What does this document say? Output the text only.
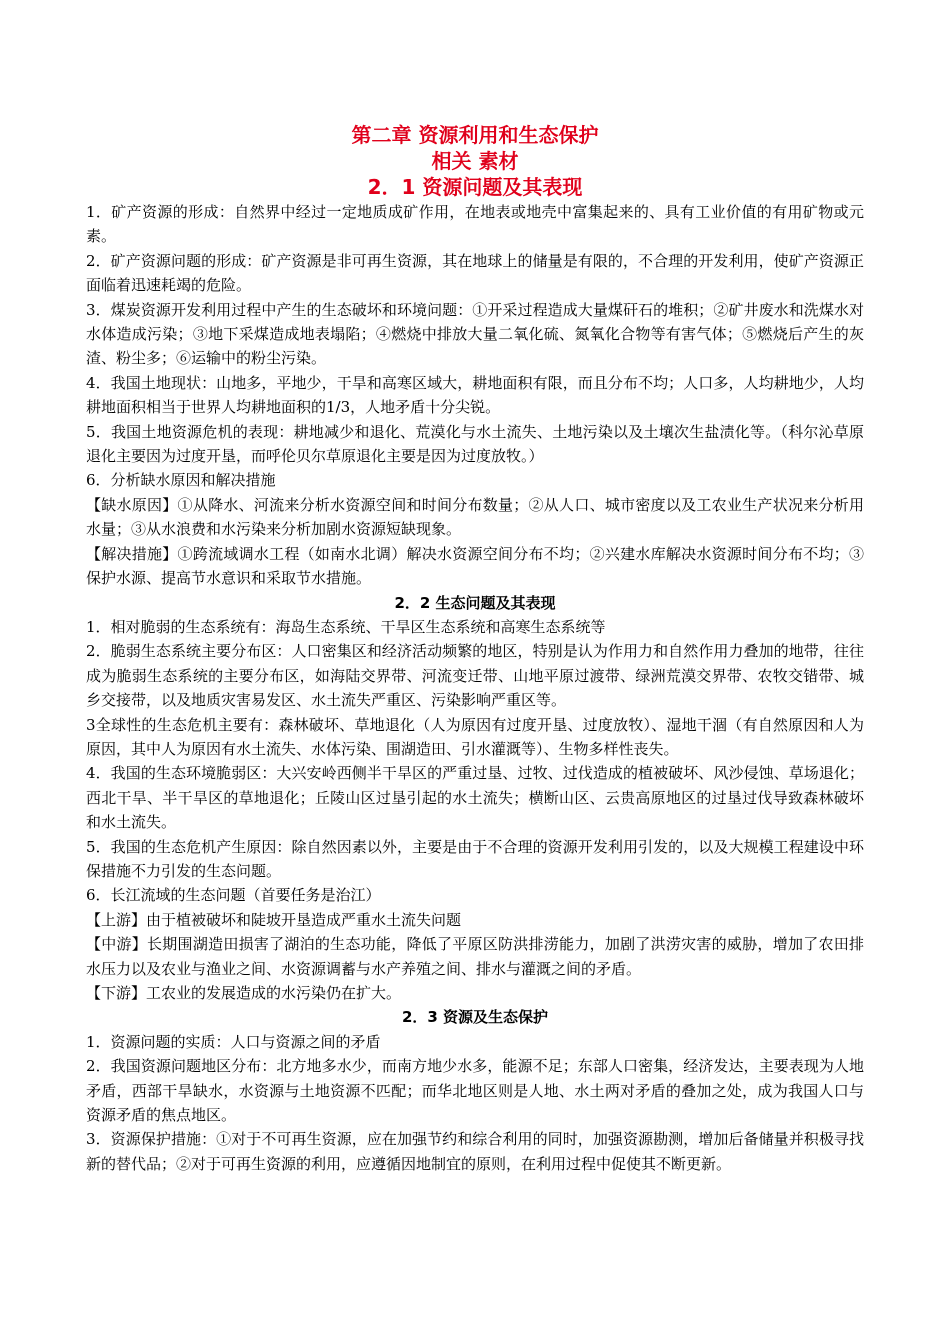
第二章 资源利用和生态保护
相关 素材
2．1 资源问题及其表现

1．矿产资源的形成：自然界中经过一定地质成矿作用，在地表或地壳中富集起来的、具有工业价值的有用矿物或元素。

2．矿产资源问题的形成：矿产资源是非可再生资源，其在地球上的储量是有限的，不合理的开发利用，使矿产资源正面临着迅速耗竭的危险。

3．煤炭资源开发利用过程中产生的生态破坏和环境问题：①开采过程造成大量煤矸石的堆积；②矿井废水和洗煤水对水体造成污染；③地下采煤造成地表塌陷；④燃烧中排放大量二氧化硫、氮氧化合物等有害气体；⑤燃烧后产生的灰渣、粉尘多；⑥运输中的粉尘污染。

4．我国土地现状：山地多，平地少，干旱和高寒区域大，耕地面积有限，而且分布不均；人口多，人均耕地少，人均耕地面积相当于世界人均耕地面积的1/3，人地矛盾十分尖锐。

5．我国土地资源危机的表现：耕地减少和退化、荒漠化与水土流失、土地污染以及土壤次生盐渍化等。（科尔沁草原退化主要因为过度开垦，而呼伦贝尔草原退化主要是因为过度放牧。）

6．分析缺水原因和解决措施

【缺水原因】①从降水、河流来分析水资源空间和时间分布数量；②从人口、城市密度以及工农业生产状况来分析用水量；③从水浪费和水污染来分析加剧水资源短缺现象。

【解决措施】①跨流域调水工程（如南水北调）解决水资源空间分布不均；②兴建水库解决水资源时间分布不均；③保护水源、提高节水意识和采取节水措施。

2．2 生态问题及其表现

1．相对脆弱的生态系统有：海岛生态系统、干旱区生态系统和高寒生态系统等

2．脆弱生态系统主要分布区：人口密集区和经济活动频繁的地区，特别是认为作用力和自然作用力叠加的地带，往往成为脆弱生态系统的主要分布区，如海陆交界带、河流变迁带、山地平原过渡带、绿洲荒漠交界带、农牧交错带、城乡交接带，以及地质灾害易发区、水土流失严重区、污染影响严重区等。

3全球性的生态危机主要有：森林破坏、草地退化（人为原因有过度开垦、过度放牧）、湿地干涸（有自然原因和人为原因，其中人为原因有水土流失、水体污染、围湖造田、引水灌溉等）、生物多样性丧失。

4．我国的生态环境脆弱区：大兴安岭西侧半干旱区的严重过垦、过牧、过伐造成的植被破坏、风沙侵蚀、草场退化；西北干旱、半干旱区的草地退化；丘陵山区过垦引起的水土流失；横断山区、云贵高原地区的过垦过伐导致森林破坏和水土流失。

5．我国的生态危机产生原因：除自然因素以外，主要是由于不合理的资源开发利用引发的，以及大规模工程建设中环保措施不力引发的生态问题。

6．长江流域的生态问题（首要任务是治江）

【上游】由于植被破坏和陡坡开垦造成严重水土流失问题

【中游】长期围湖造田损害了湖泊的生态功能，降低了平原区防洪排涝能力，加剧了洪涝灾害的威胁，增加了农田排水压力以及农业与渔业之间、水资源调蓄与水产养殖之间、排水与灌溉之间的矛盾。

【下游】工农业的发展造成的水污染仍在扩大。

2．3 资源及生态保护

1．资源问题的实质：人口与资源之间的矛盾

2．我国资源问题地区分布：北方地多水少，而南方地少水多，能源不足；东部人口密集，经济发达，主要表现为人地矛盾，西部干旱缺水，水资源与土地资源不匹配；而华北地区则是人地、水土两对矛盾的叠加之处，成为我国人口与资源矛盾的焦点地区。

3．资源保护措施：①对于不可再生资源，应在加强节约和综合利用的同时，加强资源勘测，增加后备储量并积极寻找新的替代品；②对于可再生资源的利用，应遵循因地制宜的原则，在利用过程中促使其不断更新。
